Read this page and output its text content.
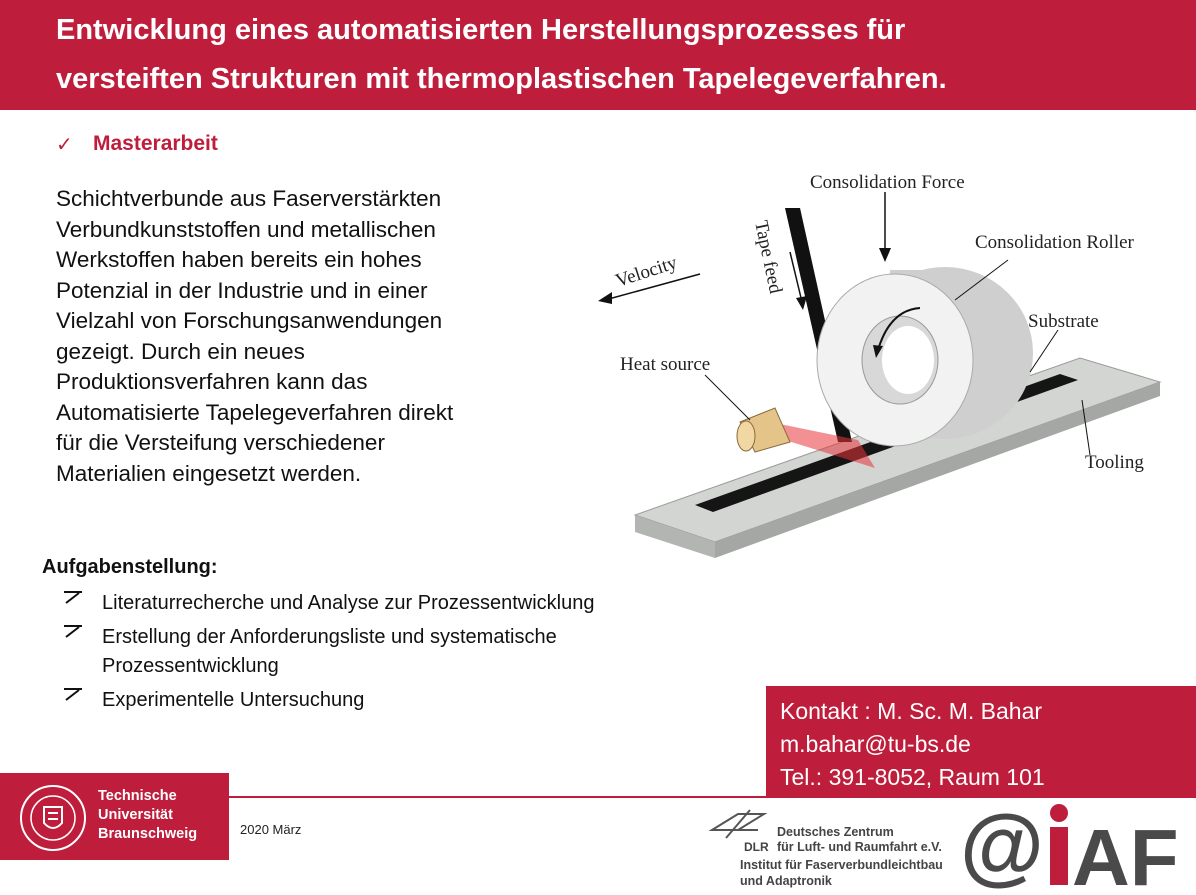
Entwicklung eines automatisierten Herstellungsprozesses für
versteiften Strukturen mit thermoplastischen Tapelegeverfahren.
✓ Masterarbeit
Schichtverbunde aus Faserverstärkten
Verbundkunststoffen und metallischen
Werkstoffen haben bereits ein hohes
Potenzial in der Industrie und in einer
Vielzahl von Forschungsanwendungen
gezeigt. Durch ein neues
Produktionsverfahren kann das
Automatisierte Tapelegeverfahren direkt
für die Versteifung verschiedener
Materialien eingesetzt werden.
Consolidation Force
Consolidation Roller
Substrate
Heat source
Tooling
Velocity	Tape feed
Aufgabenstellung:
Literaturrecherche und Analyse zur Prozessentwicklung
Erstellung der Anforderungsliste und systematische
Prozessentwicklung
Experimentelle Untersuchung	Kontakt : M. Sc. M. Bahar
m.bahar@tu-bs.de
Tel.: 391-8052, Raum 101
Technische
Universität
Braunschweig	2020 März	Deutsches Zentrum
für Luft- und Raumfahrt e.V.
DLR
Institut für Faserverbundleichtbau
und Adaptronik	@ AF
